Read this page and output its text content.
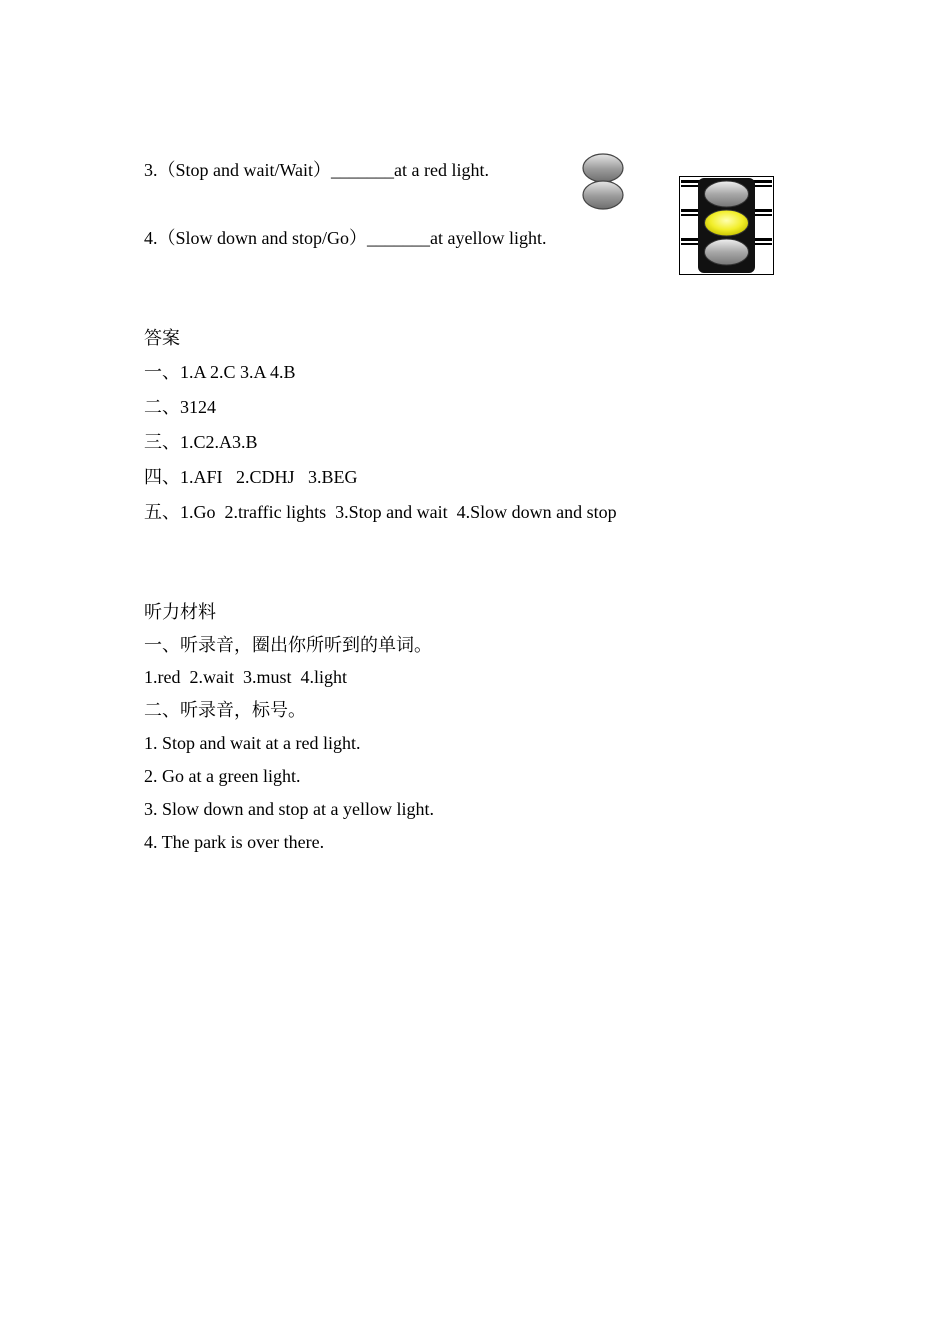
3.（Stop and wait/Wait）_______at a red light.
4.（Slow down and stop/Go）_______at ayellow light.
答案
一、1.A 2.C 3.A 4.B
二、3124
三、1.C2.A3.B
四、1.AFI   2.CDHJ   3.BEG
五、1.Go  2.traffic lights  3.Stop and wait  4.Slow down and stop
听力材料
一、听录音，圈出你所听到的单词。
1.red  2.wait  3.must  4.light
二、听录音，标号。
1. Stop and wait at a red light.
2. Go at a green light.
3. Slow down and stop at a yellow light.
4. The park is over there.
